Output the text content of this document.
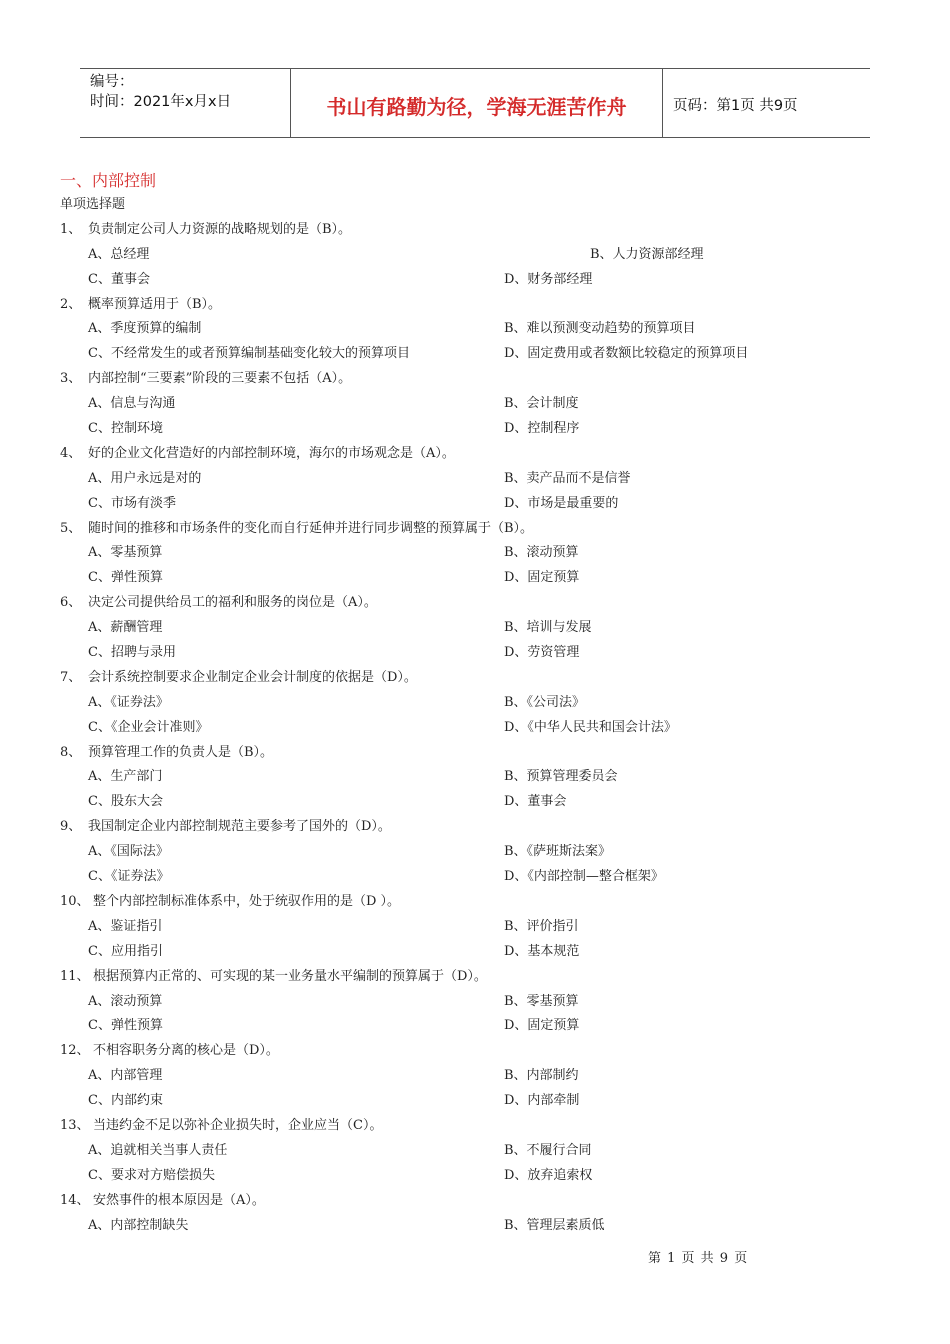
编号：
时间：2021年x月x日	书山有路勤为径，学海无涯苦作舟	页码：第1页 共9页
一、内部控制
单项选择题
1、 负责制定公司人力资源的战略规划的是（B）。
A、总经理	B、人力资源部经理
C、董事会	D、财务部经理
2、 概率预算适用于（B）。
A、季度预算的编制	B、难以预测变动趋势的预算项目
C、不经常发生的或者预算编制基础变化较大的预算项目	D、固定费用或者数额比较稳定的预算项目
3、 内部控制“三要素”阶段的三要素不包括（A）。
A、信息与沟通	B、会计制度
C、控制环境	D、控制程序
4、 好的企业文化营造好的内部控制环境，海尔的市场观念是（A）。
A、用户永远是对的	B、卖产品而不是信誉
C、市场有淡季	D、市场是最重要的
5、 随时间的推移和市场条件的变化而自行延伸并进行同步调整的预算属于（B）。
A、零基预算	B、滚动预算
C、弹性预算	D、固定预算
6、 决定公司提供给员工的福利和服务的岗位是（A）。
A、薪酬管理	B、培训与发展
C、招聘与录用	D、劳资管理
7、 会计系统控制要求企业制定企业会计制度的依据是（D）。
A、《证券法》	B、《公司法》
C、《企业会计准则》	D、《中华人民共和国会计法》
8、 预算管理工作的负责人是（B）。
A、生产部门	B、预算管理委员会
C、股东大会	D、董事会
9、 我国制定企业内部控制规范主要参考了国外的（D）。
A、《国际法》	B、《萨班斯法案》
C、《证券法》	D、《内部控制—整合框架》
10、 整个内部控制标准体系中，处于统驭作用的是（D ）。
A、鉴证指引	B、评价指引
C、应用指引	D、基本规范
11、 根据预算内正常的、可实现的某一业务量水平编制的预算属于（D）。
A、滚动预算	B、零基预算
C、弹性预算	D、固定预算
12、 不相容职务分离的核心是（D）。
A、内部管理	B、内部制约
C、内部约束	D、内部牵制
13、 当违约金不足以弥补企业损失时，企业应当（C）。
A、追就相关当事人责任	B、不履行合同
C、要求对方赔偿损失	D、放弃追索权
14、 安然事件的根本原因是（A）。
A、内部控制缺失	B、管理层素质低
第 1 页 共 9 页
